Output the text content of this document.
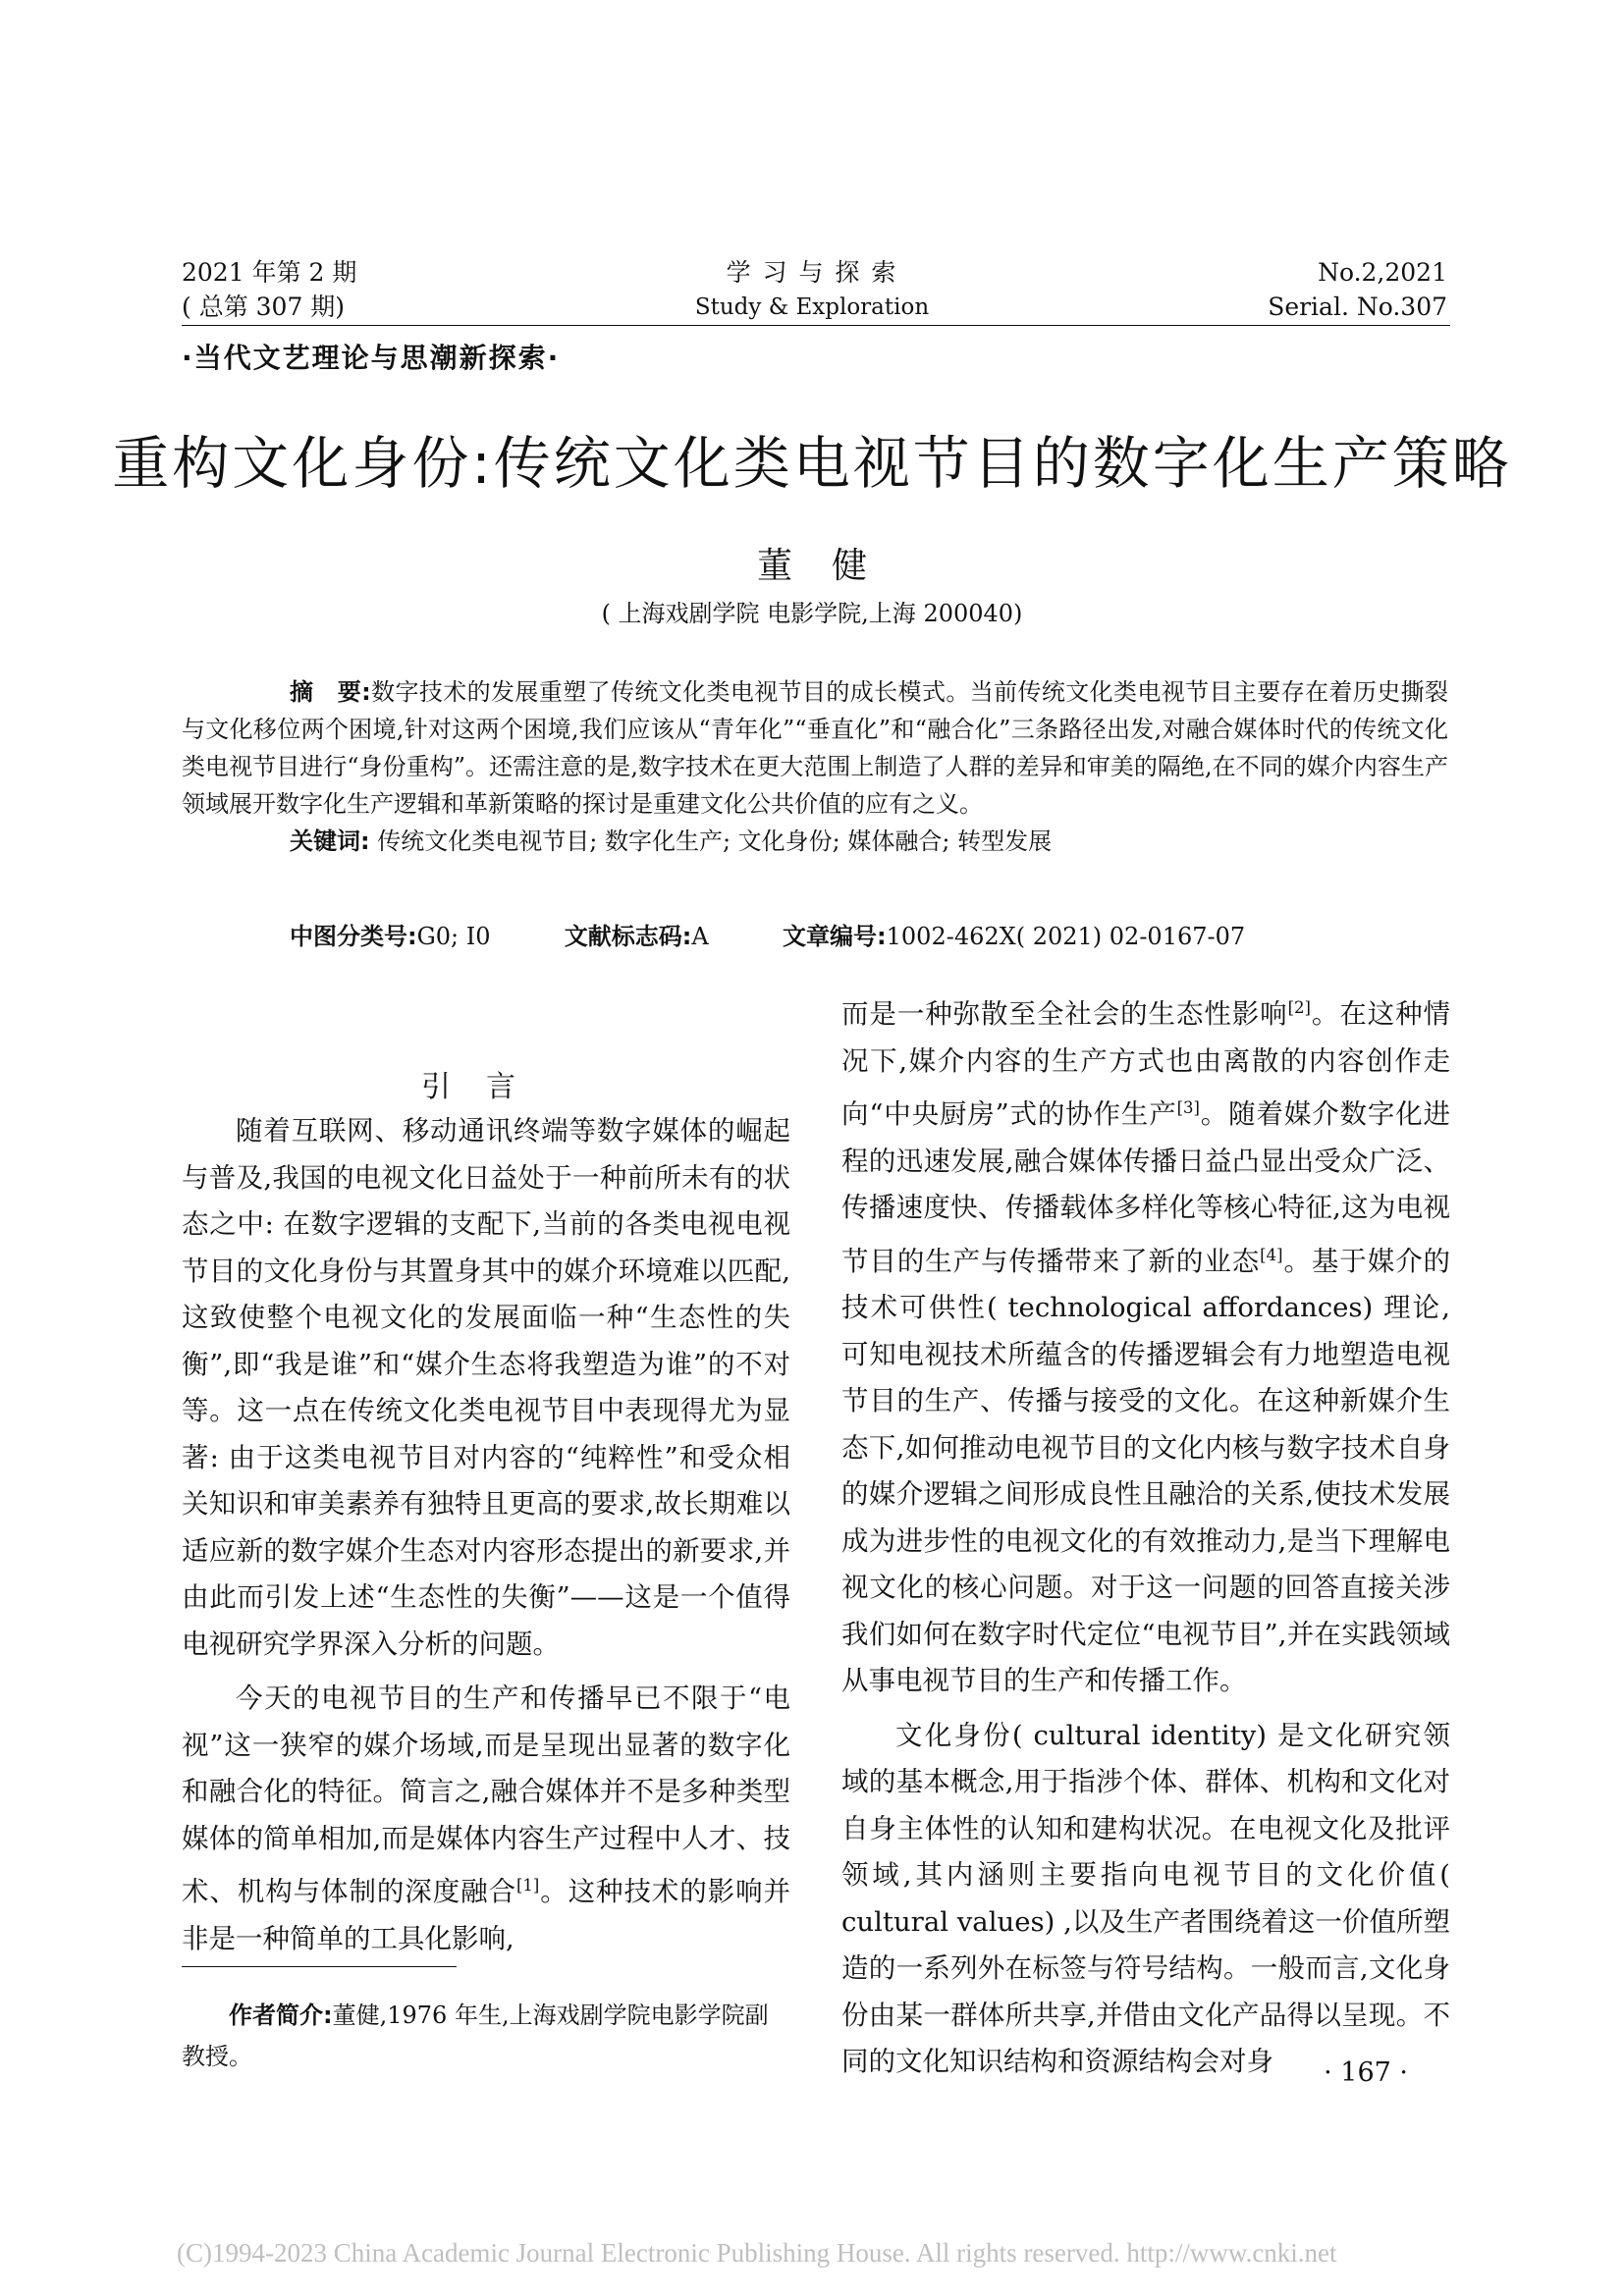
2021 年第 2 期
( 总第 307 期)
学 习 与 探 索
Study & Exploration
No.2,2021
Serial. No.307
·当代文艺理论与思潮新探索·
重构文化身份:传统文化类电视节目的数字化生产策略
董健
( 上海戏剧学院 电影学院,上海 200040)

摘　要:数字技术的发展重塑了传统文化类电视节目的成长模式。当前传统文化类电视节目主要存在着历史撕裂与文化移位两个困境,针对这两个困境,我们应该从“青年化”“垂直化”和“融合化”三条路径出发,对融合媒体时代的传统文化类电视节目进行“身份重构”。还需注意的是,数字技术在更大范围上制造了人群的差异和审美的隔绝,在不同的媒介内容生产领域展开数字化生产逻辑和革新策略的探讨是重建文化公共价值的应有之义。

关键词: 传统文化类电视节目; 数字化生产; 文化身份; 媒体融合; 转型发展

中图分类号:G0; I0	文献标志码:A	文章编号:1002-462X( 2021) 02-0167-07

引言

随着互联网、移动通讯终端等数字媒体的崛起与普及,我国的电视文化日益处于一种前所未有的状态之中: 在数字逻辑的支配下,当前的各类电视电视节目的文化身份与其置身其中的媒介环境难以匹配,这致使整个电视文化的发展面临一种“生态性的失衡”,即“我是谁”和“媒介生态将我塑造为谁”的不对等。这一点在传统文化类电视节目中表现得尤为显著: 由于这类电视节目对内容的“纯粹性”和受众相关知识和审美素养有独特且更高的要求,故长期难以适应新的数字媒介生态对内容形态提出的新要求,并由此而引发上述“生态性的失衡”——这是一个值得电视研究学界深入分析的问题。

今天的电视节目的生产和传播早已不限于“电视”这一狭窄的媒介场域,而是呈现出显著的数字化和融合化的特征。简言之,融合媒体并不是多种类型媒体的简单相加,而是媒体内容生产过程中人才、技术、机构与体制的深度融合[1]。这种技术的影响并非是一种简单的工具化影响,

而是一种弥散至全社会的生态性影响[2]。在这种情况下,媒介内容的生产方式也由离散的内容创作走向“中央厨房”式的协作生产[3]。随着媒介数字化进程的迅速发展,融合媒体传播日益凸显出受众广泛、传播速度快、传播载体多样化等核心特征,这为电视节目的生产与传播带来了新的业态[4]。基于媒介的技术可供性( technological affordances) 理论,可知电视技术所蕴含的传播逻辑会有力地塑造电视节目的生产、传播与接受的文化。在这种新媒介生态下,如何推动电视节目的文化内核与数字技术自身的媒介逻辑之间形成良性且融洽的关系,使技术发展成为进步性的电视文化的有效推动力,是当下理解电视文化的核心问题。对于这一问题的回答直接关涉我们如何在数字时代定位“电视节目”,并在实践领域从事电视节目的生产和传播工作。

文化身份( cultural identity) 是文化研究领域的基本概念,用于指涉个体、群体、机构和文化对自身主体性的认知和建构状况。在电视文化及批评领域,其内涵则主要指向电视节目的文化价值( cultural values) ,以及生产者围绕着这一价值所塑造的一系列外在标签与符号结构。一般而言,文化身份由某一群体所共享,并借由文化产品得以呈现。不同的文化知识结构和资源结构会对身

作者简介:董健,1976 年生,上海戏剧学院电影学院副教授。
· 167 ·
(C)1994-2023 China Academic Journal Electronic Publishing House. All rights reserved. http://www.cnki.net
